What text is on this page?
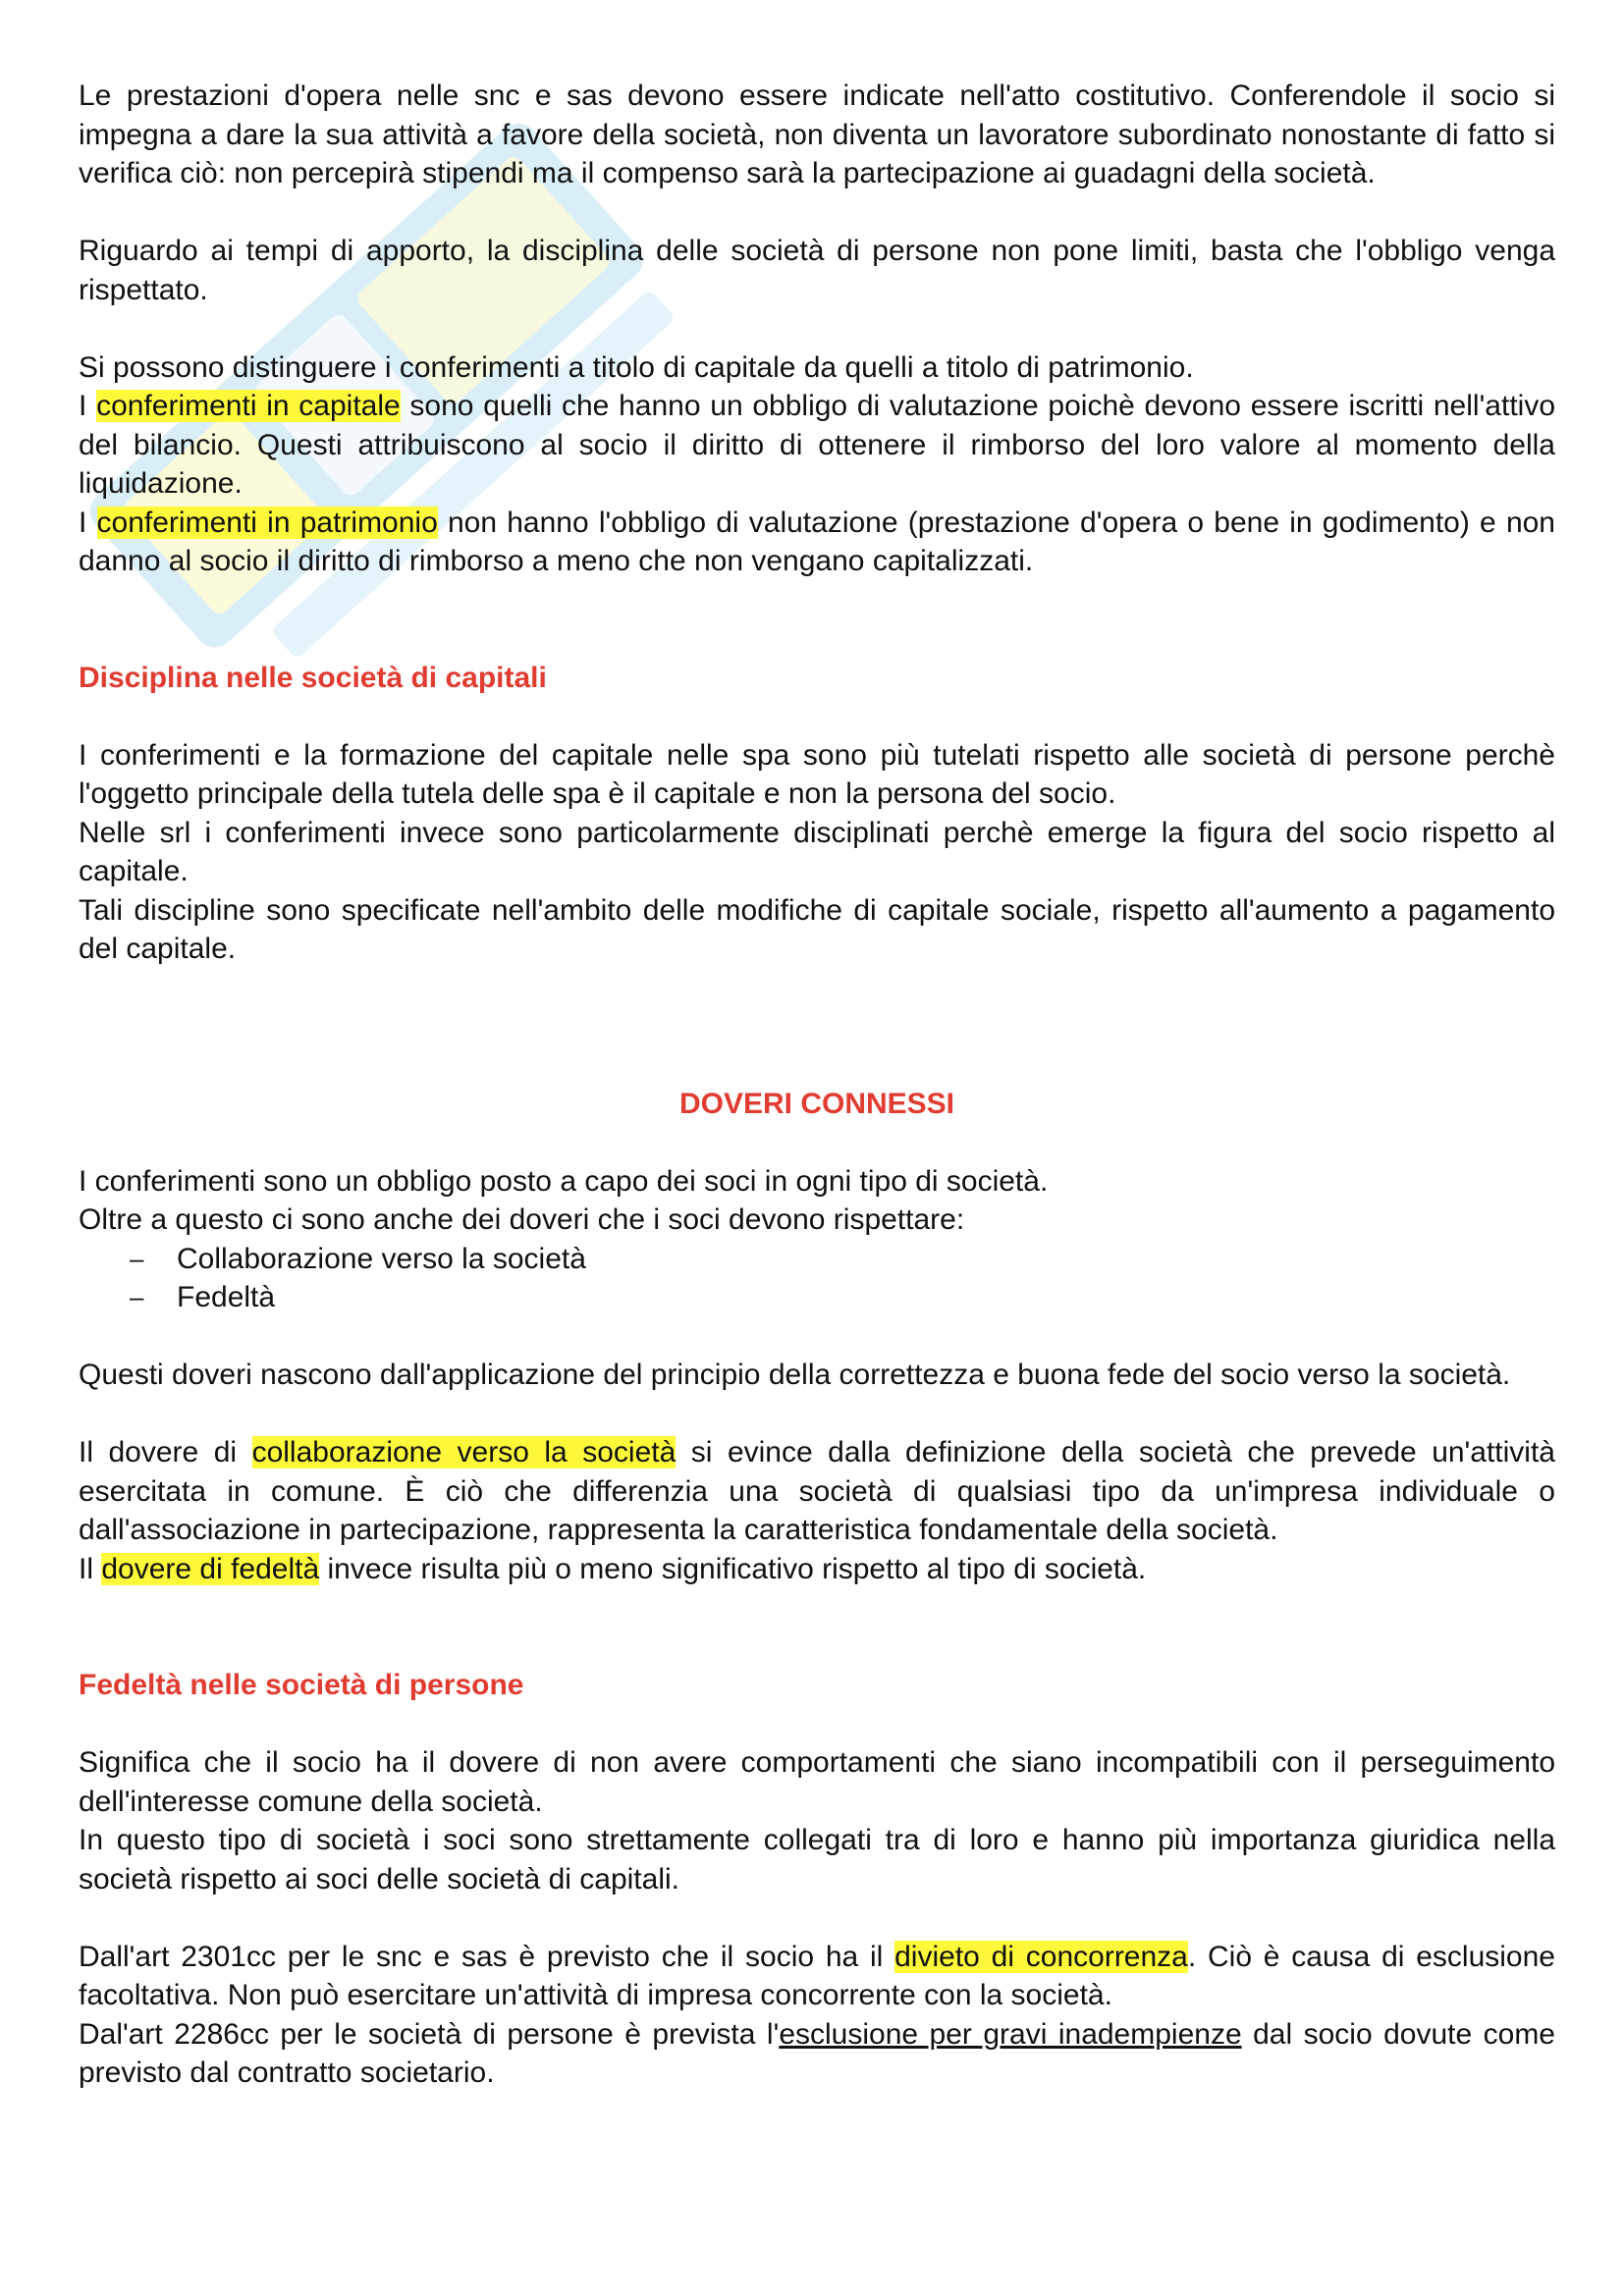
Le prestazioni d'opera nelle snc e sas devono essere indicate nell'atto costitutivo. Conferendole il socio si impegna a dare la sua attività a favore della società, non diventa un lavoratore subordinato nonostante di fatto si verifica ciò: non percepirà stipendi ma il compenso sarà la partecipazione ai guadagni della società.

Riguardo ai tempi di apporto, la disciplina delle società di persone non pone limiti, basta che l'obbligo venga rispettato.

Si possono distinguere i conferimenti a titolo di capitale da quelli a titolo di patrimonio.

I conferimenti in capitale sono quelli che hanno un obbligo di valutazione poichè devono essere iscritti nell'attivo del bilancio. Questi attribuiscono al socio il diritto di ottenere il rimborso del loro valore al momento della liquidazione.

I conferimenti in patrimonio non hanno l'obbligo di valutazione (prestazione d'opera o bene in godimento) e non danno al socio il diritto di rimborso a meno che non vengano capitalizzati.

Disciplina nelle società di capitali

I conferimenti e la formazione del capitale nelle spa sono più tutelati rispetto alle società di persone perchè l'oggetto principale della tutela delle spa è il capitale e non la persona del socio.

Nelle srl i conferimenti invece sono particolarmente disciplinati perchè emerge la figura del socio rispetto al capitale.

Tali discipline sono specificate nell'ambito delle modifiche di capitale sociale, rispetto all'aumento a pagamento del capitale.

DOVERI CONNESSI

I conferimenti sono un obbligo posto a capo dei soci in ogni tipo di società.

Oltre a questo ci sono anche dei doveri che i soci devono rispettare:

– Collaborazione verso la società
– Fedeltà

Questi doveri nascono dall'applicazione del principio della correttezza e buona fede del socio verso la società.

Il dovere di collaborazione verso la società si evince dalla definizione della società che prevede un'attività esercitata in comune. È ciò che differenzia una società di qualsiasi tipo da un'impresa individuale o dall'associazione in partecipazione, rappresenta la caratteristica fondamentale della società.

Il dovere di fedeltà invece risulta più o meno significativo rispetto al tipo di società.

Fedeltà nelle società di persone

Significa che il socio ha il dovere di non avere comportamenti che siano incompatibili con il perseguimento dell'interesse comune della società.

In questo tipo di società i soci sono strettamente collegati tra di loro e hanno più importanza giuridica nella società rispetto ai soci delle società di capitali.

Dall'art 2301cc per le snc e sas è previsto che il socio ha il divieto di concorrenza. Ciò è causa di esclusione facoltativa. Non può esercitare un'attività di impresa concorrente con la società.

Dal'art 2286cc per le società di persone è prevista l'esclusione per gravi inadempienze dal socio dovute come previsto dal contratto societario.
